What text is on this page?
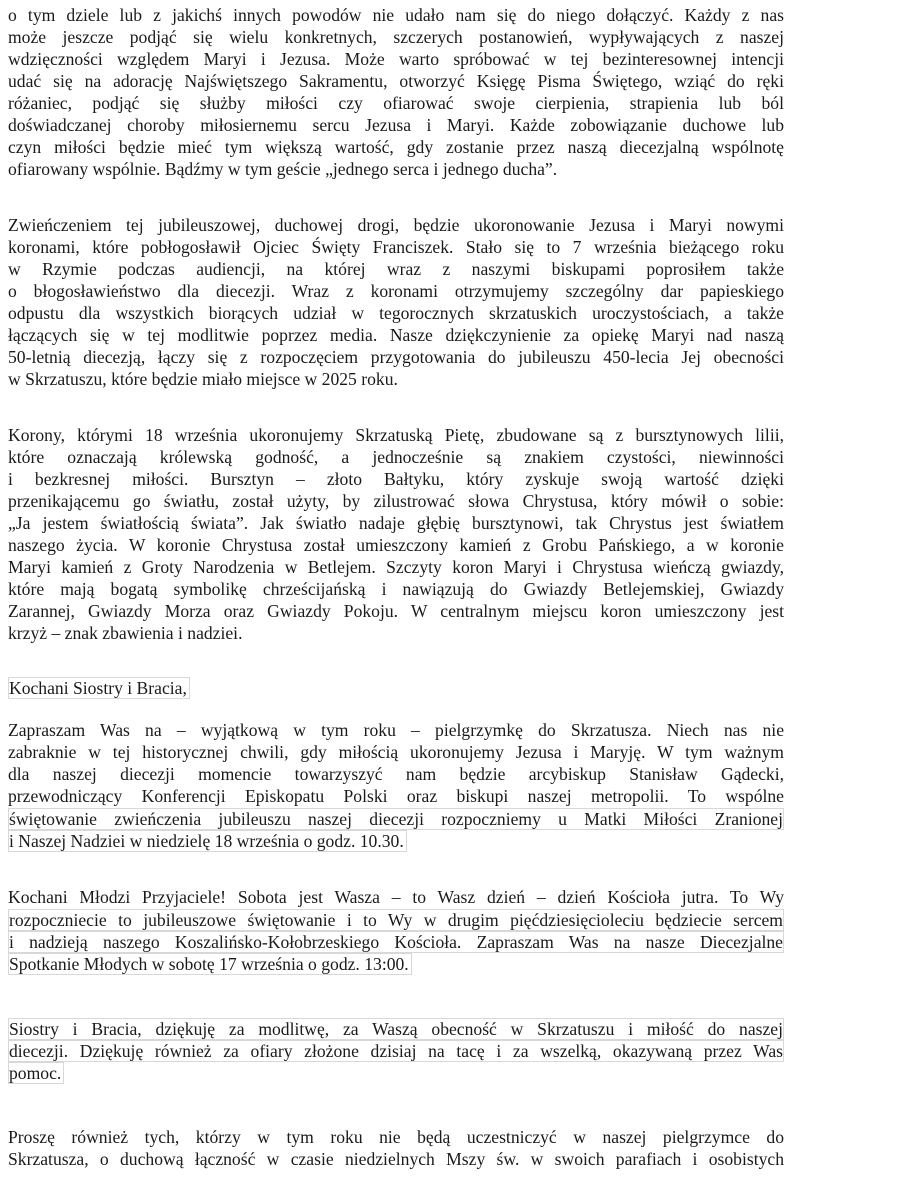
o tym dziele lub z jakichś innych powodów nie udało nam się do niego dołączyć. Każdy z nas
może jeszcze podjąć się wielu konkretnych, szczerych postanowień, wypływających z naszej
wdzięczności względem Maryi i Jezusa. Może warto spróbować w tej bezinteresownej intencji
udać się na adorację Najświętszego Sakramentu, otworzyć Księgę Pisma Świętego, wziąć do ręki
różaniec, podjąć się służby miłości czy ofiarować swoje cierpienia, strapienia lub ból
doświadczanej choroby miłosiernemu sercu Jezusa i Maryi. Każde zobowiązanie duchowe lub
czyn miłości będzie mieć tym większą wartość, gdy zostanie przez naszą diecezjalną wspólnotę
ofiarowany wspólnie. Bądźmy w tym geście „jednego serca i jednego ducha”.
Zwieńczeniem tej jubileuszowej, duchowej drogi, będzie ukoronowanie Jezusa i Maryi nowymi
koronami, które pobłogosławił Ojciec Święty Franciszek. Stało się to 7 września bieżącego roku
w Rzymie podczas audiencji, na której wraz z naszymi biskupami poprosiłem także
o błogosławieństwo dla diecezji. Wraz z koronami otrzymujemy szczególny dar papieskiego
odpustu dla wszystkich biorących udział w tegorocznych skrzatuskich uroczystościach, a także
łączących się w tej modlitwie poprzez media. Nasze dziękczynienie za opiekę Maryi nad naszą
50-letnią diecezją, łączy się z rozpoczęciem przygotowania do jubileuszu 450-lecia Jej obecności
w Skrzatuszu, które będzie miało miejsce w 2025 roku.
Korony, którymi 18 września ukoronujemy Skrzatuską Pietę, zbudowane są z bursztynowych lilii,
które oznaczają królewską godność, a jednocześnie są znakiem czystości, niewinności
i bezkresnej miłości. Bursztyn – złoto Bałtyku, który zyskuje swoją wartość dzięki
przenikającemu go światłu, został użyty, by zilustrować słowa Chrystusa, który mówił o sobie:
„Ja jestem światłością świata”. Jak światło nadaje głębię bursztynowi, tak Chrystus jest światłem
naszego życia. W koronie Chrystusa został umieszczony kamień z Grobu Pańskiego, a w koronie
Maryi kamień z Groty Narodzenia w Betlejem. Szczyty koron Maryi i Chrystusa wieńczą gwiazdy,
które mają bogatą symbolikę chrześcijańską i nawiązują do Gwiazdy Betlejemskiej, Gwiazdy
Zarannej, Gwiazdy Morza oraz Gwiazdy Pokoju. W centralnym miejscu koron umieszczony jest
krzyż – znak zbawienia i nadziei.
Kochani Siostry i Bracia,
Zapraszam Was na – wyjątkową w tym roku – pielgrzymkę do Skrzatusza. Niech nas nie
zabraknie w tej historycznej chwili, gdy miłością ukoronujemy Jezusa i Maryję. W tym ważnym
dla naszej diecezji momencie towarzyszyć nam będzie arcybiskup Stanisław Gądecki,
przewodniczący Konferencji Episkopatu Polski oraz biskupi naszej metropolii. To wspólne
świętowanie zwieńczenia jubileuszu naszej diecezji rozpoczniemy u Matki Miłości Zranionej
i Naszej Nadziei w niedzielę 18 września o godz. 10.30.
Kochani Młodzi Przyjaciele! Sobota jest Wasza – to Wasz dzień – dzień Kościoła jutra. To Wy
rozpoczniecie to jubileuszowe świętowanie i to Wy w drugim pięćdziesięcioleciu będziecie sercem
i nadzieją naszego Koszalińsko-Kołobrzeskiego Kościoła. Zapraszam Was na nasze Diecezjalne
Spotkanie Młodych w sobotę 17 września o godz. 13:00.
Siostry i Bracia, dziękuję za modlitwę, za Waszą obecność w Skrzatuszu i miłość do naszej
diecezji. Dziękuję również za ofiary złożone dzisiaj na tacę i za wszelką, okazywaną przez Was
pomoc.
Proszę również tych, którzy w tym roku nie będą uczestniczyć w naszej pielgrzymce do
Skrzatusza, o duchową łączność w czasie niedzielnych Mszy św. w swoich parafiach i osobistych
